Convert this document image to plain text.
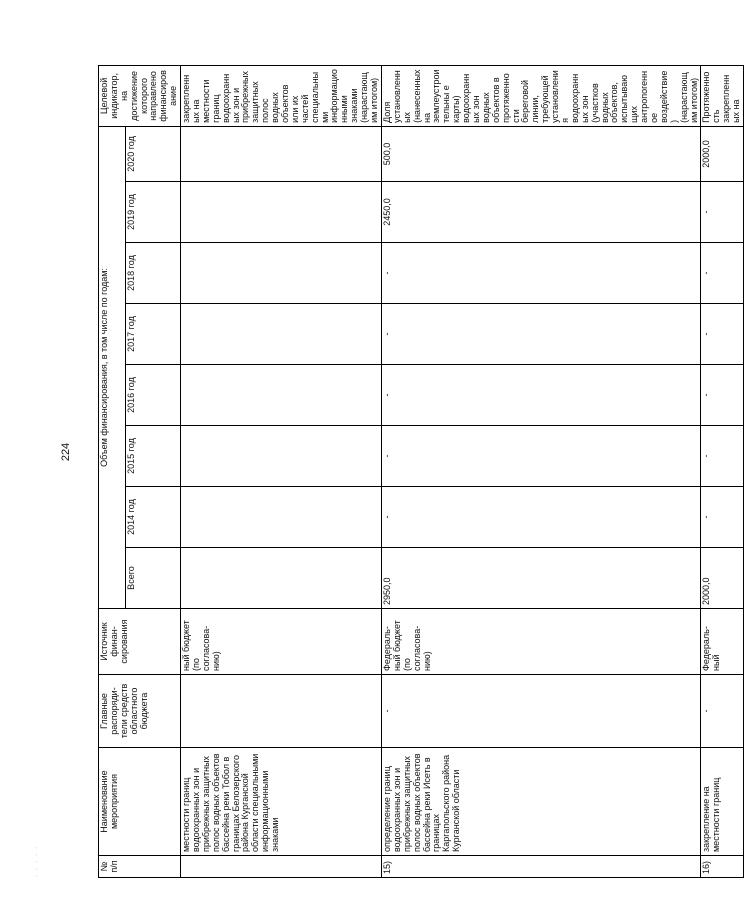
224
· · · · ·	№ п/п	Наименование мероприятия	Главные распоряди-тели средств областного бюджета	Источник финан-сирования	Объем финансирования, в том числе по годам:								Целевой индикатор, на достижение которого направлено финансирование
				Всего	2014 год	2015 год	2016 год	2017 год	2018 год	2019 год	2020 год	
	местности границ водоохранных зон и прибрежных защитных полос водных объектов бассейна реки Тобол в границах Белозерского района Курганской области специальными информационными знаками		ный бюджет (по согласова-нию)									закрепленных на местности границ водоохранных зон и прибрежных защитных полос водных объектов или их частей специальными информационными знаками (нарастающим итогом)
15)	определение границ водоохранных зон и прибрежных защитных полос водных объектов бассейна реки Исеть в границах Каргапольского района Курганской области	-	Федераль-ный бюджет (по согласова-нию)	2950,0	-	-	-	-	-	2450,0	500,0	Доля установленных (нанесенных на землеустроительны е карты) водоохранных зон водных объектов в протяженности береговой линии, требующей установления водоохранных зон (участков водных объектов, испытывающих антропогенное воздействие) (нарастающим итогом)
16)	закрепление на местности границ	-	Федераль-ный	2000,0	-	-	-	-	-	-	2000,0	Протяженность закрепленных на
